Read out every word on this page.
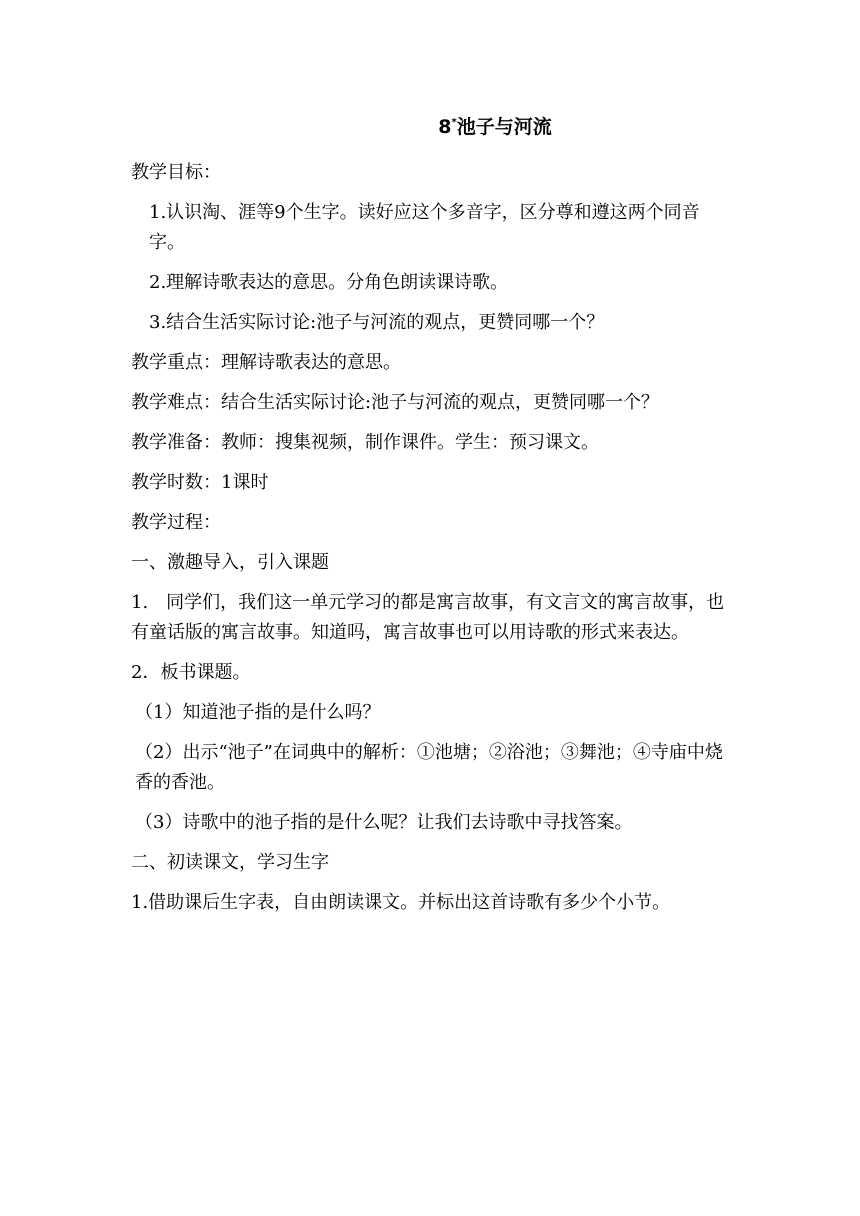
8*池子与河流

教学目标：

1.认识淘、涯等9个生字。读好应这个多音字，区分尊和遵这两个同音字。

2.理解诗歌表达的意思。分角色朗读课诗歌。

3.结合生活实际讨论:池子与河流的观点，更赞同哪一个？

教学重点：理解诗歌表达的意思。

教学难点：结合生活实际讨论:池子与河流的观点，更赞同哪一个？

教学准备：教师：搜集视频，制作课件。学生：预习课文。

教学时数：1课时

教学过程：

一、激趣导入，引入课题

1.　同学们，我们这一单元学习的都是寓言故事，有文言文的寓言故事，也有童话版的寓言故事。知道吗，寓言故事也可以用诗歌的形式来表达。

2．板书课题。

（1）知道池子指的是什么吗？

（2）出示“池子”在词典中的解析：①池塘；②浴池；③舞池；④寺庙中烧香的香池。

（3）诗歌中的池子指的是什么呢？让我们去诗歌中寻找答案。

二、初读课文，学习生字

1.借助课后生字表，自由朗读课文。并标出这首诗歌有多少个小节。
